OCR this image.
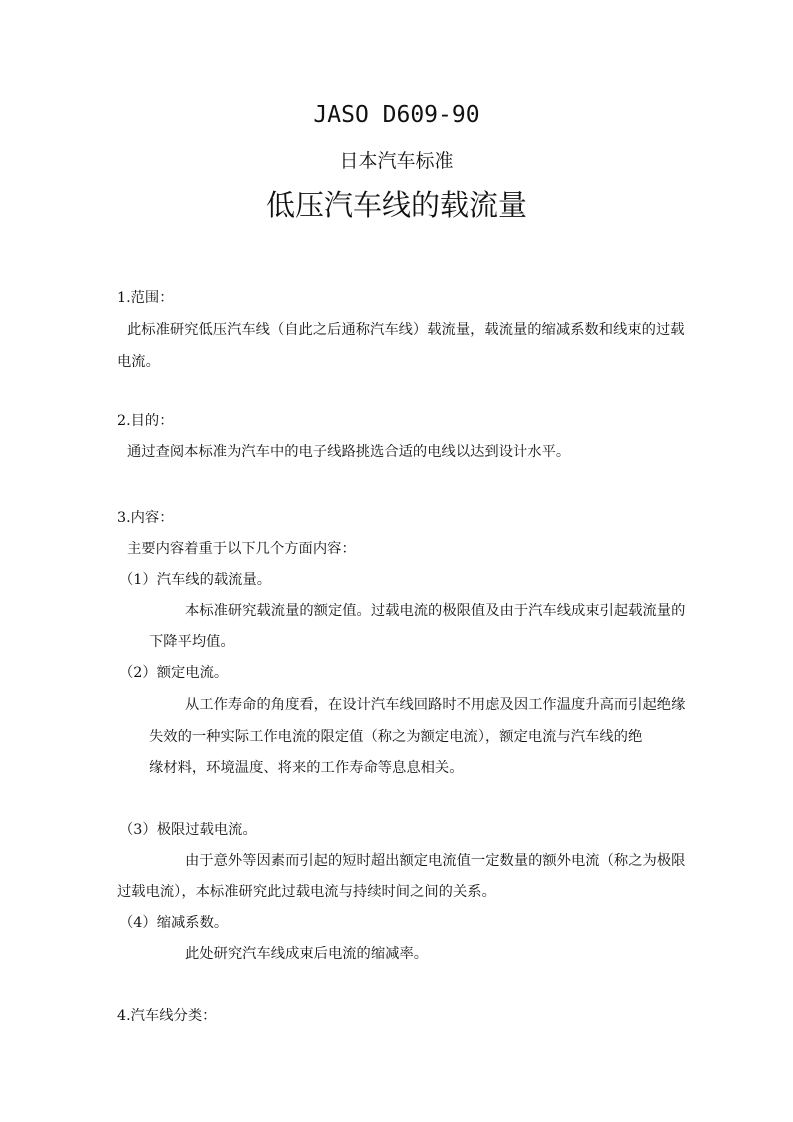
JASO D609-90
日本汽车标准
低压汽车线的载流量
1.范围：
此标准研究低压汽车线（自此之后通称汽车线）载流量，载流量的缩减系数和线束的过载
电流。
2.目的：
通过查阅本标准为汽车中的电子线路挑选合适的电线以达到设计水平。
3.内容：
主要内容着重于以下几个方面内容：
（1）汽车线的载流量。
本标准研究载流量的额定值。过载电流的极限值及由于汽车线成束引起载流量的
下降平均值。
（2）额定电流。
从工作寿命的角度看，在设计汽车线回路时不用虑及因工作温度升高而引起绝缘
失效的一种实际工作电流的限定值（称之为额定电流），额定电流与汽车线的绝
缘材料，环境温度、将来的工作寿命等息息相关。
（3）极限过载电流。
由于意外等因素而引起的短时超出额定电流值一定数量的额外电流（称之为极限
过载电流），本标准研究此过载电流与持续时间之间的关系。
（4）缩减系数。
此处研究汽车线成束后电流的缩减率。
4.汽车线分类：
